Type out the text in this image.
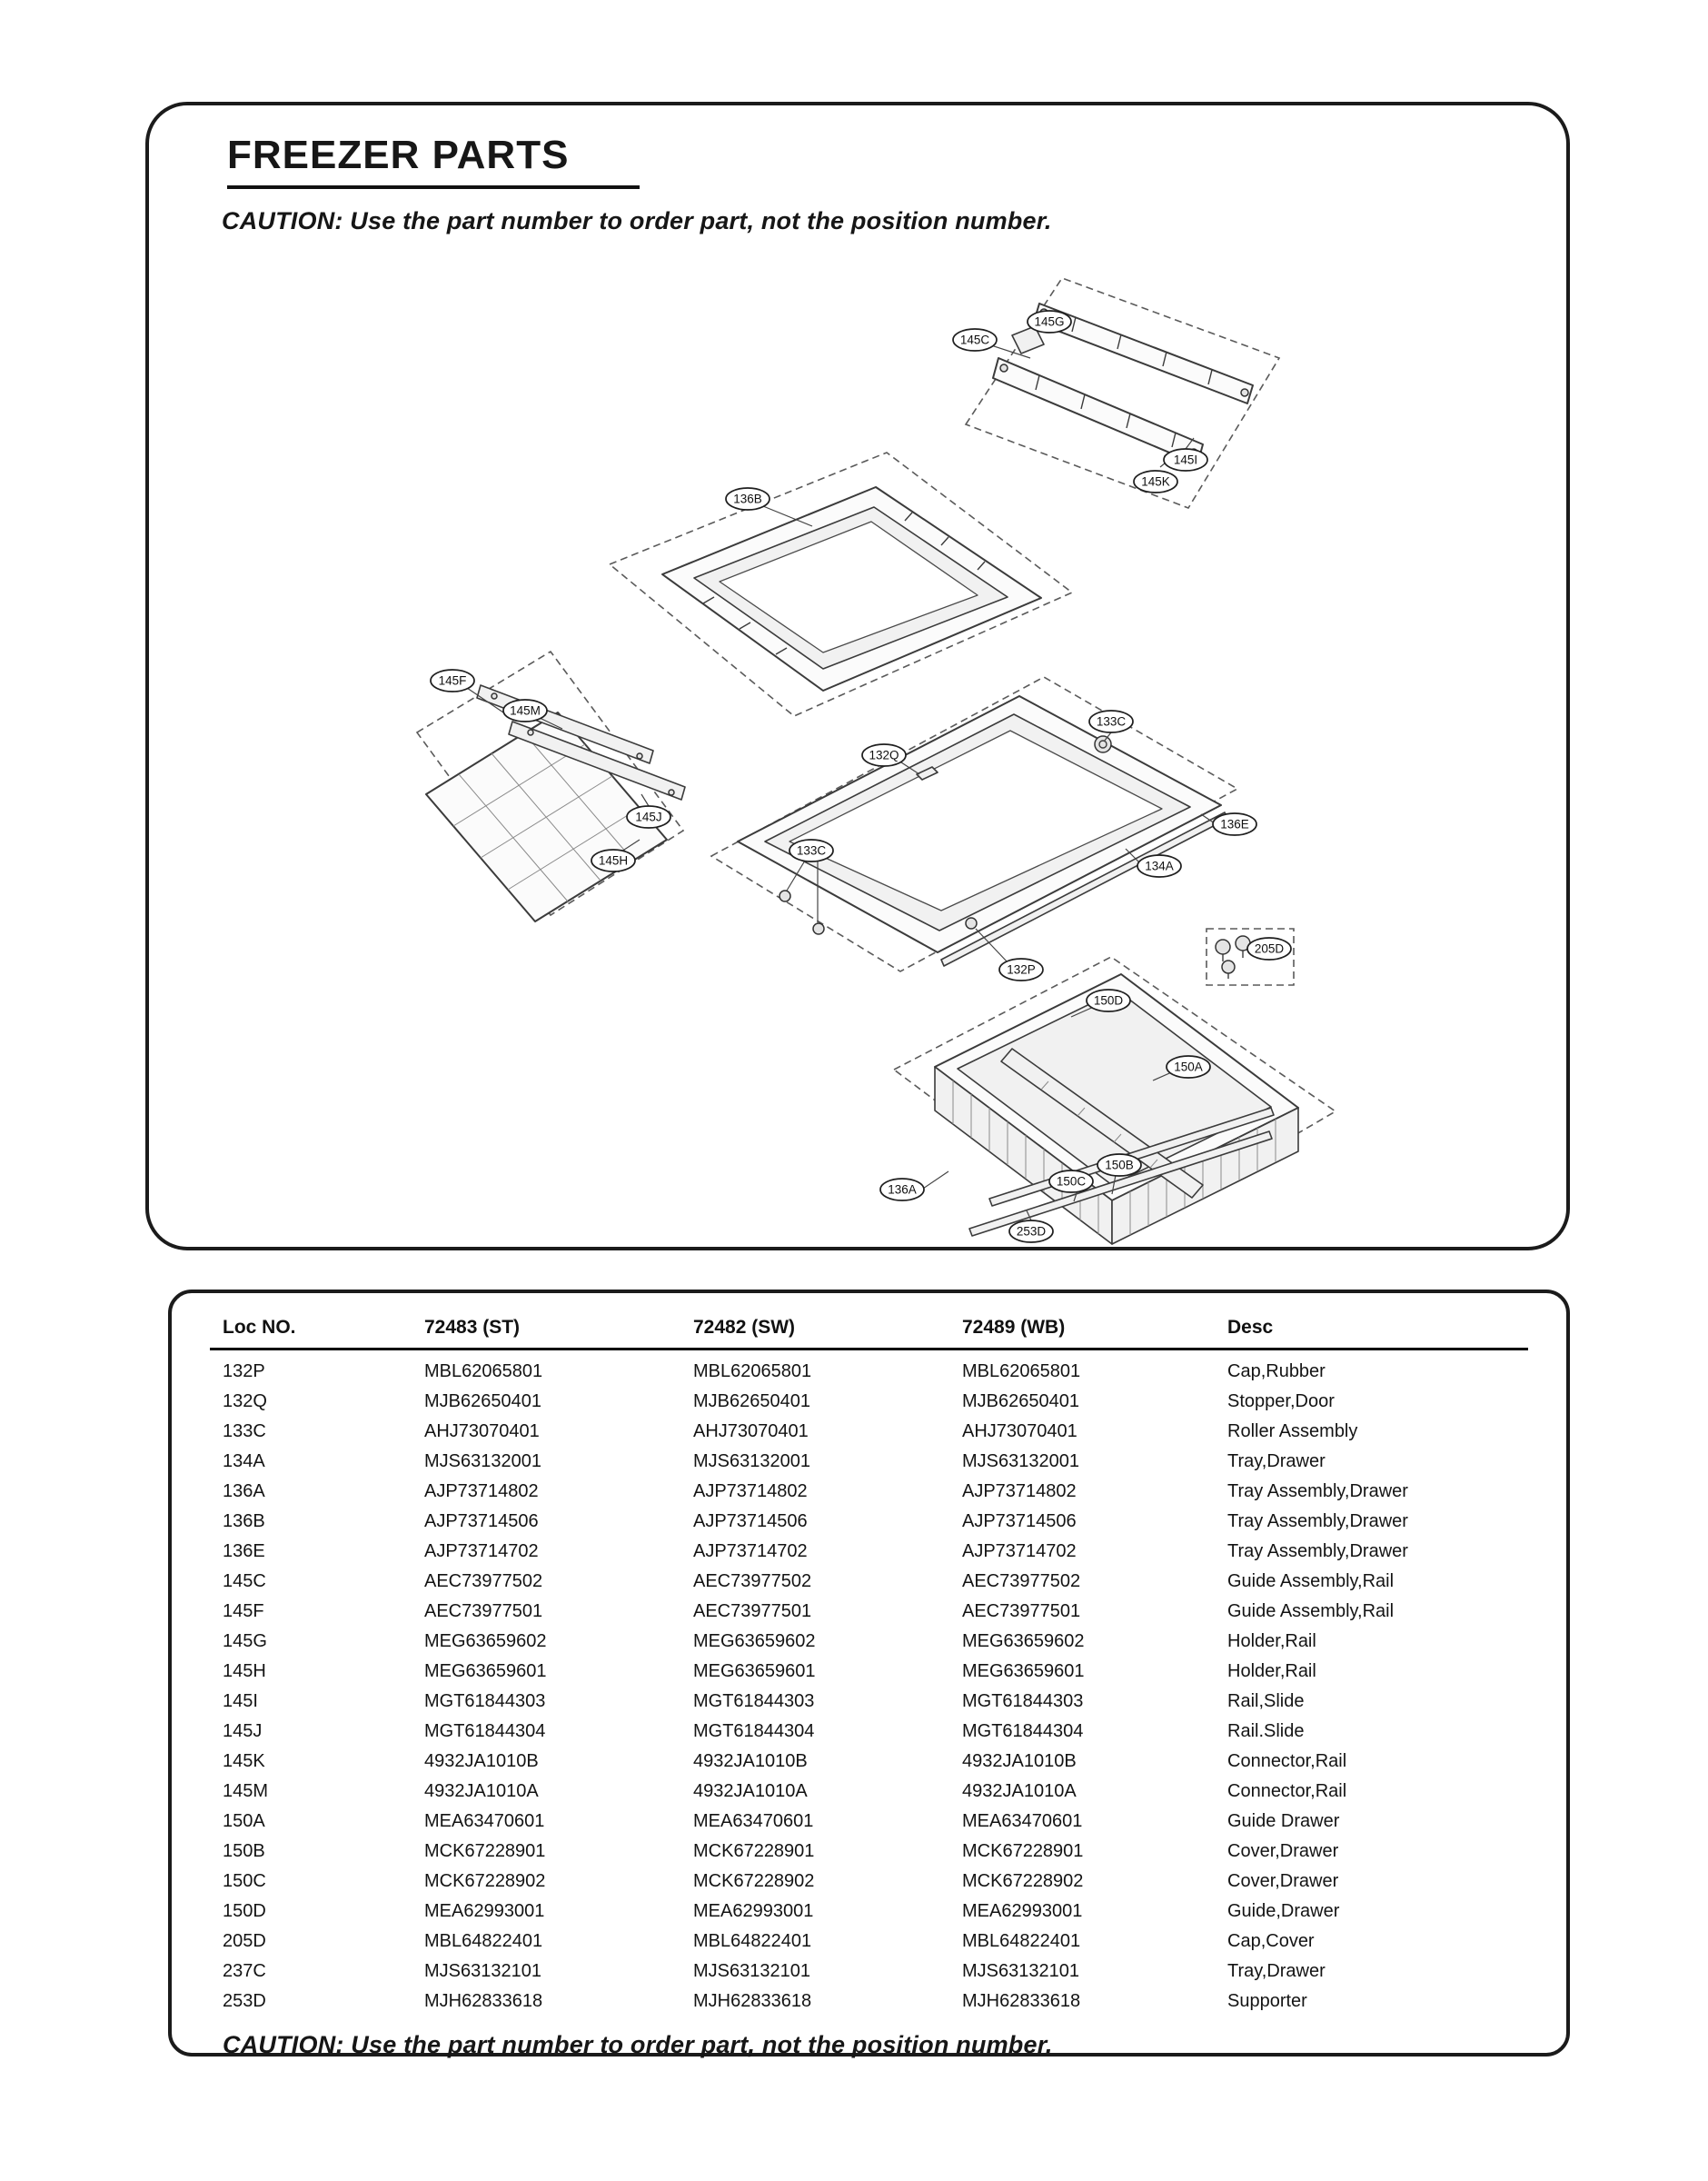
FREEZER PARTS
CAUTION: Use the part number to order part, not the position number.
145C
145G
145I
145K
136B
145F
145M
145J
145H
132Q
133C
133C
136E
134A
132P
150D
150A
205D
136A
150B
150C
253D
Loc NO.	72483 (ST)	72482 (SW)	72489 (WB)	Desc
132P	MBL62065801	MBL62065801	MBL62065801	Cap,Rubber
132Q	MJB62650401	MJB62650401	MJB62650401	Stopper,Door
133C	AHJ73070401	AHJ73070401	AHJ73070401	Roller Assembly
134A	MJS63132001	MJS63132001	MJS63132001	Tray,Drawer
136A	AJP73714802	AJP73714802	AJP73714802	Tray Assembly,Drawer
136B	AJP73714506	AJP73714506	AJP73714506	Tray Assembly,Drawer
136E	AJP73714702	AJP73714702	AJP73714702	Tray Assembly,Drawer
145C	AEC73977502	AEC73977502	AEC73977502	Guide Assembly,Rail
145F	AEC73977501	AEC73977501	AEC73977501	Guide Assembly,Rail
145G	MEG63659602	MEG63659602	MEG63659602	Holder,Rail
145H	MEG63659601	MEG63659601	MEG63659601	Holder,Rail
145I	MGT61844303	MGT61844303	MGT61844303	Rail,Slide
145J	MGT61844304	MGT61844304	MGT61844304	Rail.Slide
145K	4932JA1010B	4932JA1010B	4932JA1010B	Connector,Rail
145M	4932JA1010A	4932JA1010A	4932JA1010A	Connector,Rail
150A	MEA63470601	MEA63470601	MEA63470601	Guide Drawer
150B	MCK67228901	MCK67228901	MCK67228901	Cover,Drawer
150C	MCK67228902	MCK67228902	MCK67228902	Cover,Drawer
150D	MEA62993001	MEA62993001	MEA62993001	Guide,Drawer
205D	MBL64822401	MBL64822401	MBL64822401	Cap,Cover
237C	MJS63132101	MJS63132101	MJS63132101	Tray,Drawer
253D	MJH62833618	MJH62833618	MJH62833618	Supporter
CAUTION: Use the part number to order part, not the position number.
